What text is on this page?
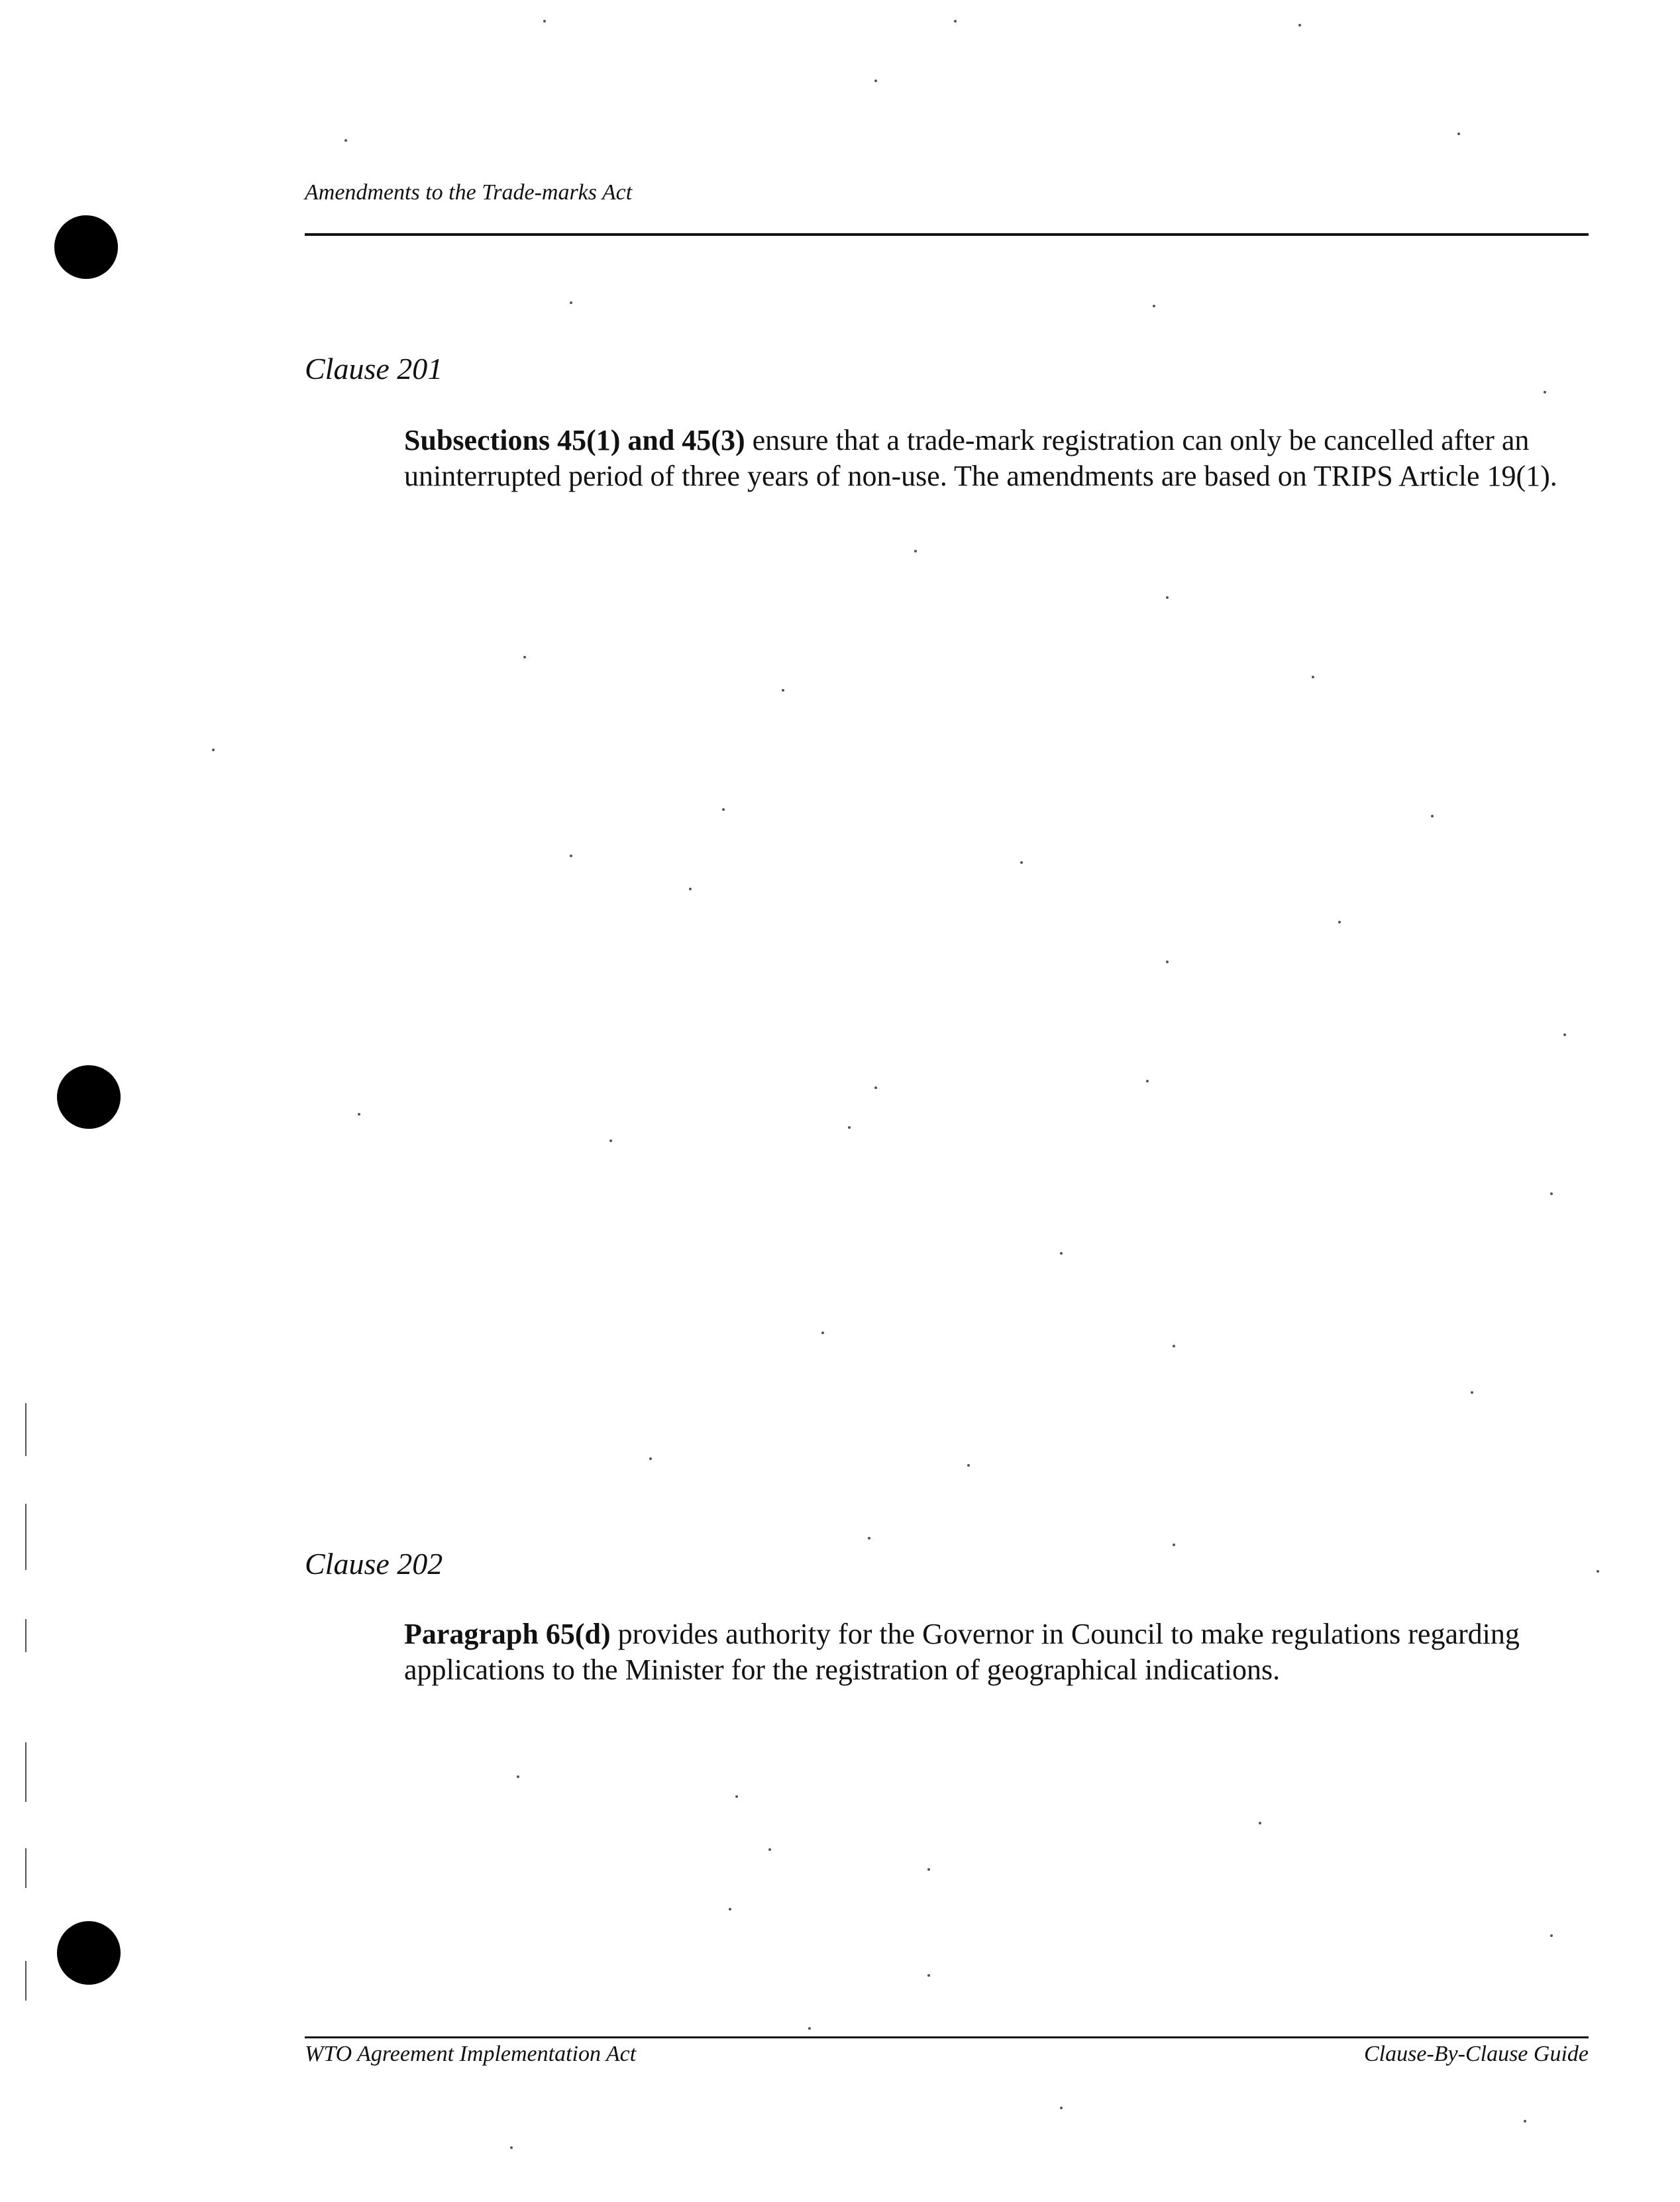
Amendments to the Trade-marks Act
Clause 201
Subsections 45(1) and 45(3) ensure that a trade-mark registration can only be cancelled after an uninterrupted period of three years of non-use. The amendments are based on TRIPS Article 19(1).
Clause 202
Paragraph 65(d) provides authority for the Governor in Council to make regulations regarding applications to the Minister for the registration of geographical indications.
WTO Agreement Implementation Act	Clause-By-Clause Guide
